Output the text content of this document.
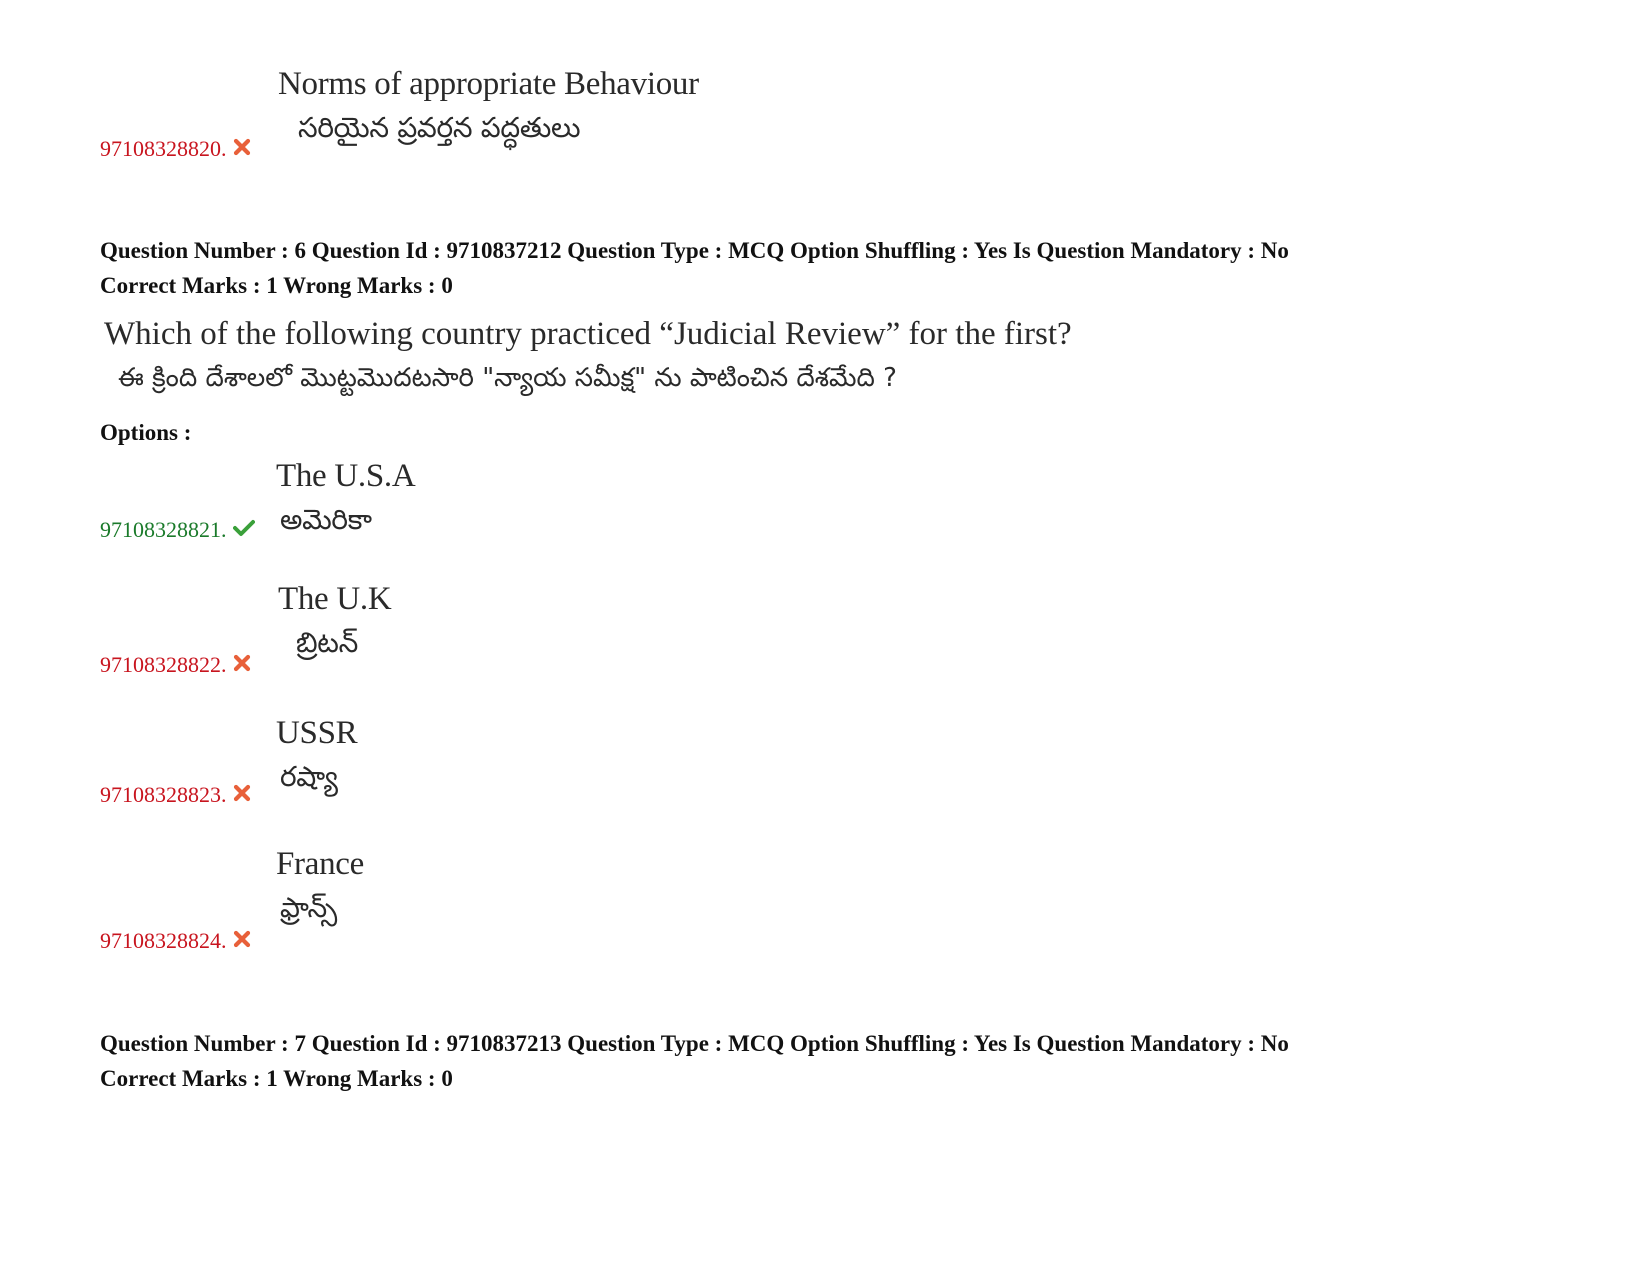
Norms of appropriate Behaviour
సరియైన ప్రవర్తన పద్ధతులు
97108328820.
Question Number : 6 Question Id : 9710837212 Question Type : MCQ Option Shuffling : Yes Is Question Mandatory : No
Correct Marks : 1 Wrong Marks : 0
Which of the following country practiced “Judicial Review” for the first?
ఈ క్రింది దేశాలలో మొట్టమొదటసారి "న్యాయ సమీక్ష" ను పాటించిన దేశమేది ?
Options :
The U.S.A
అమెరికా
97108328821.
The U.K
బ్రిటన్
97108328822.
USSR
రష్యా
97108328823.
France
ఫ్రాన్స్
97108328824.
Question Number : 7 Question Id : 9710837213 Question Type : MCQ Option Shuffling : Yes Is Question Mandatory : No
Correct Marks : 1 Wrong Marks : 0
